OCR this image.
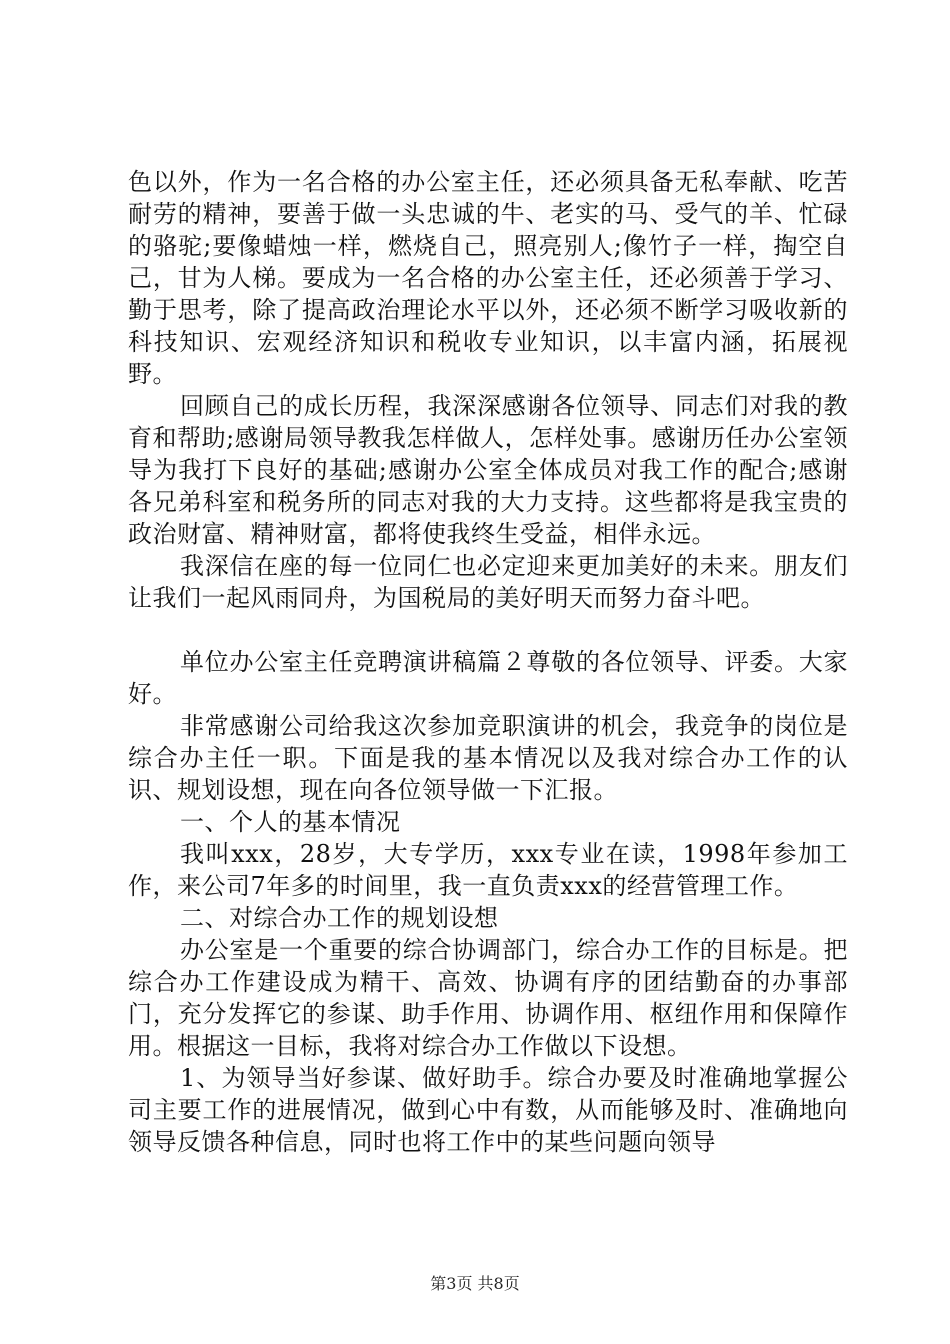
色以外，作为一名合格的办公室主任，还必须具备无私奉献、吃苦耐劳的精神，要善于做一头忠诚的牛、老实的马、受气的羊、忙碌的骆驼;要像蜡烛一样，燃烧自己，照亮别人;像竹子一样，掏空自己，甘为人梯。要成为一名合格的办公室主任，还必须善于学习、勤于思考，除了提高政治理论水平以外，还必须不断学习吸收新的科技知识、宏观经济知识和税收专业知识，以丰富内涵，拓展视野。

回顾自己的成长历程，我深深感谢各位领导、同志们对我的教育和帮助;感谢局领导教我怎样做人，怎样处事。感谢历任办公室领导为我打下良好的基础;感谢办公室全体成员对我工作的配合;感谢各兄弟科室和税务所的同志对我的大力支持。这些都将是我宝贵的政治财富、精神财富，都将使我终生受益，相伴永远。

我深信在座的每一位同仁也必定迎来更加美好的未来。朋友们让我们一起风雨同舟，为国税局的美好明天而努力奋斗吧。

单位办公室主任竞聘演讲稿篇２尊敬的各位领导、评委。大家好。

非常感谢公司给我这次参加竞职演讲的机会，我竞争的岗位是综合办主任一职。下面是我的基本情况以及我对综合办工作的认识、规划设想，现在向各位领导做一下汇报。

一、个人的基本情况

我叫xxx，28岁，大专学历，xxx专业在读，1998年参加工作，来公司7年多的时间里，我一直负责xxx的经营管理工作。

二、对综合办工作的规划设想

办公室是一个重要的综合协调部门，综合办工作的目标是。把综合办工作建设成为精干、高效、协调有序的团结勤奋的办事部门，充分发挥它的参谋、助手作用、协调作用、枢纽作用和保障作用。根据这一目标，我将对综合办工作做以下设想。

1、为领导当好参谋、做好助手。综合办要及时准确地掌握公司主要工作的进展情况，做到心中有数，从而能够及时、准确地向领导反馈各种信息，同时也将工作中的某些问题向领导

第3页 共8页
